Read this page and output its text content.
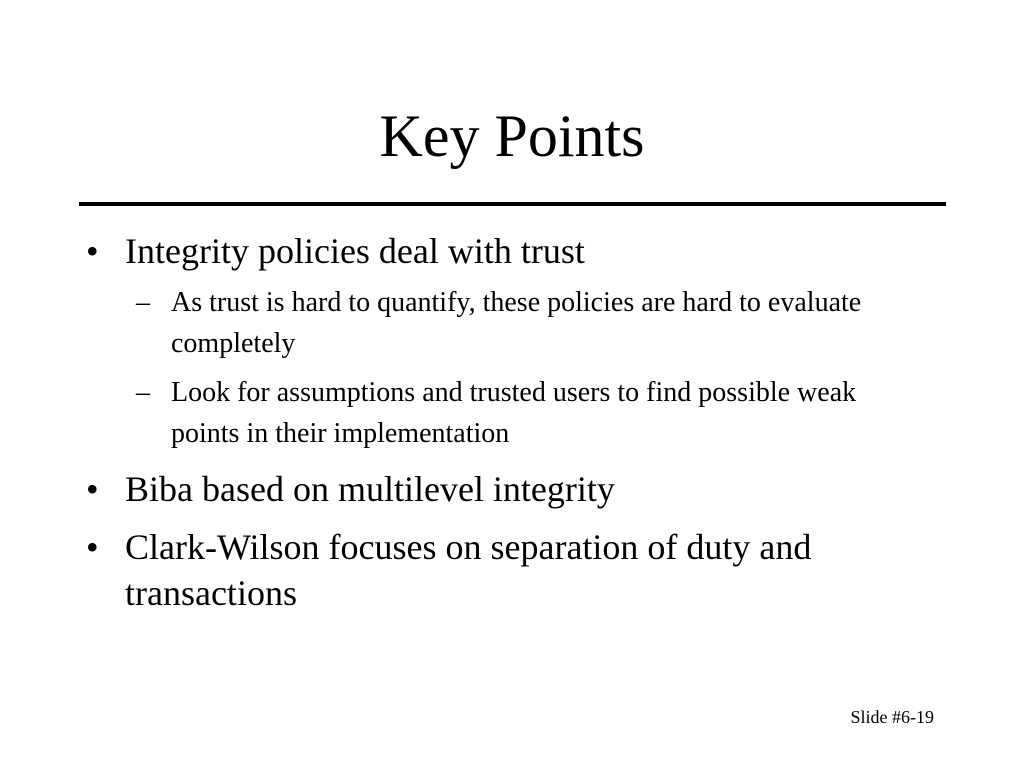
Key Points
• Integrity policies deal with trust
– As trust is hard to quantify, these policies are hard to evaluate completely
– Look for assumptions and trusted users to find possible weak points in their implementation
• Biba based on multilevel integrity
• Clark-Wilson focuses on separation of duty and transactions
Slide #6-19
